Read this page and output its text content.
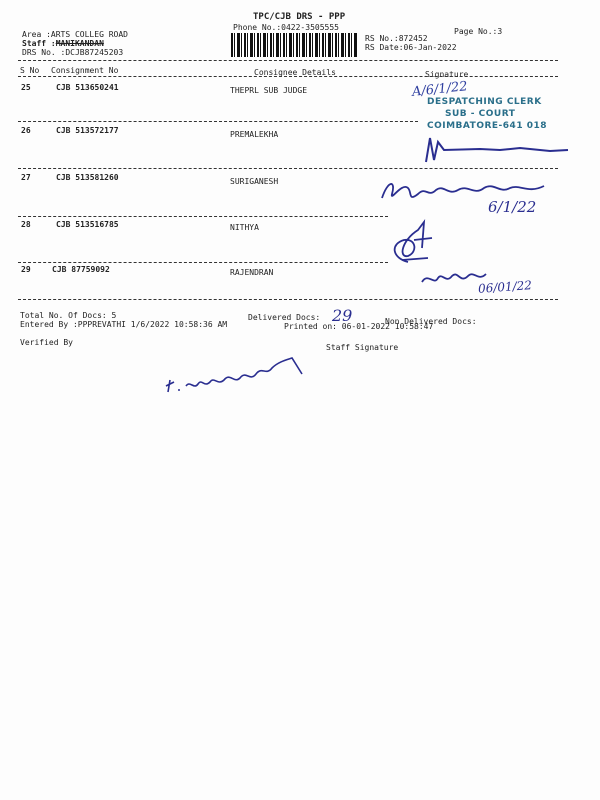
TPC/CJB DRS - PPP
Phone No.:0422-3505555	Page No.:3
Area :ARTS COLLEG ROAD
Staff :MANIKANDAN
DRS No. :DCJB87245203
RS No.:872452
RS Date:06-Jan-2022
S No Consignment No	Consignee Details	Signature
25	CJB 513650241	THEPRL SUB JUDGE	A/6/1/22
DESPATCHING CLERK
SUB - COURT
COIMBATORE-641 018
26	CJB 513572177	PREMALEKHA
27	CJB 513581260	SURIGANESH
6/1/22
28	CJB 513516785	NITHYA
29	CJB 87759092	RAJENDRAN
06/01/22
Total No. Of Docs: 5	Delivered Docs: 29	Non Delivered Docs:
Entered By :PPPREVATHI 1/6/2022 10:58:36 AM	Printed on: 06-01-2022 10:58:47
Verified By
Staff Signature
